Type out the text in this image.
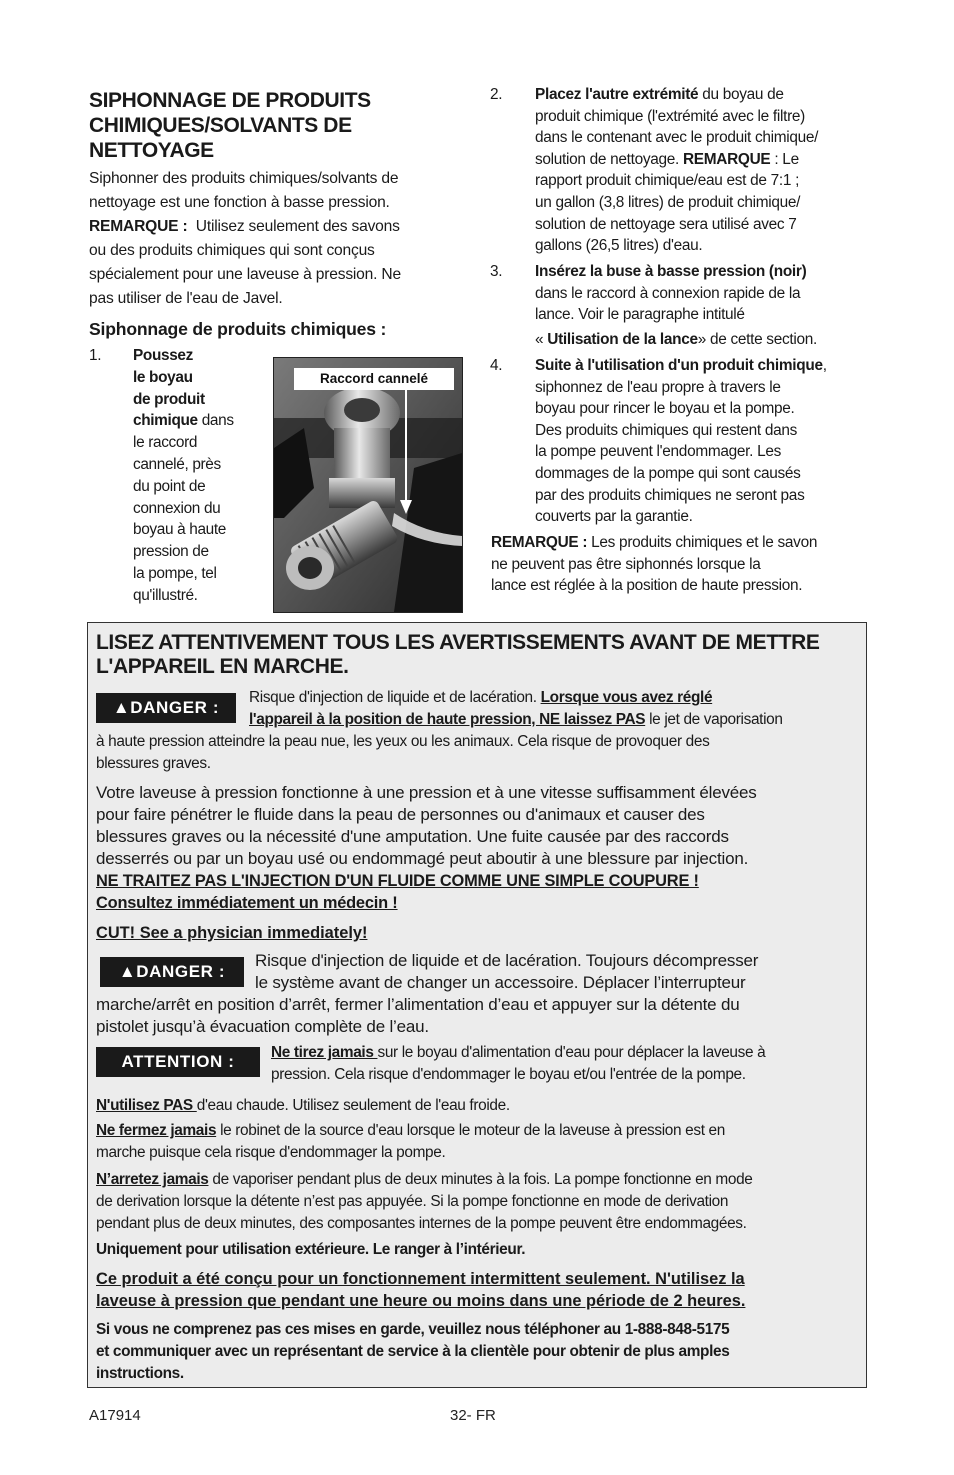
SIPHONNAGE DE PRODUITS
CHIMIQUES/SOLVANTS DE
NETTOYAGE
Siphonner des produits chimiques/solvants de
nettoyage est une fonction à basse pression.
REMARQUE : Utilisez seulement des savons
ou des produits chimiques qui sont conçus
spécialement pour une laveuse à pression. Ne
pas utiliser de l'eau de Javel.
Siphonnage de produits chimiques :
1. Poussez
le boyau
de produit
chimique dans
le raccord
cannelé, près
du point de
connexion du
boyau à haute
pression de
la pompe, tel
qu'illustré.
Raccord cannelé
2. Placez l'autre extrémité du boyau de
produit chimique (l'extrémité avec le filtre)
dans le contenant avec le produit chimique/
solution de nettoyage. REMARQUE : Le
rapport produit chimique/eau est de 7:1 ;
un gallon (3,8 litres) de produit chimique/
solution de nettoyage sera utilisé avec 7
gallons (26,5 litres) d'eau.
3. Insérez la buse à basse pression (noir)
dans le raccord à connexion rapide de la
lance. Voir le paragraphe intitulé
« Utilisation de la lance» de cette section.
4. Suite à l'utilisation d'un produit chimique,
siphonnez de l'eau propre à travers le
boyau pour rincer le boyau et la pompe.
Des produits chimiques qui restent dans
la pompe peuvent l'endommager. Les
dommages de la pompe qui sont causés
par des produits chimiques ne seront pas
couverts par la garantie.
REMARQUE : Les produits chimiques et le savon
ne peuvent pas être siphonnés lorsque la
lance est réglée à la position de haute pression.
LISEZ ATTENTIVEMENT TOUS LES AVERTISSEMENTS AVANT DE METTRE
L'APPAREIL EN MARCHE.
▲DANGER :
Risque d'injection de liquide et de lacération. Lorsque vous avez réglé
l'appareil à la position de haute pression, NE laissez PAS le jet de vaporisation
à haute pression atteindre la peau nue, les yeux ou les animaux. Cela risque de provoquer des
blessures graves.
Votre laveuse à pression fonctionne à une pression et à une vitesse suffisamment élevées
pour faire pénétrer le fluide dans la peau de personnes ou d'animaux et causer des
blessures graves ou la nécessité d'une amputation. Une fuite causée par des raccords
desserrés ou par un boyau usé ou endommagé peut aboutir à une blessure par injection.
NE TRAITEZ PAS L'INJECTION D'UN FLUIDE COMME UNE SIMPLE COUPURE !
Consultez immédiatement un médecin !
CUT! See a physician immediately!
▲DANGER :
Risque d'injection de liquide et de lacération. Toujours décompresser
le système avant de changer un accessoire. Déplacer l’interrupteur
marche/arrêt en position d’arrêt, fermer l’alimentation d’eau et appuyer sur la détente du
pistolet jusqu’à évacuation complète de l’eau.
ATTENTION :	Ne tirez jamais sur le boyau d'alimentation d'eau pour déplacer la laveuse à
pression. Cela risque d'endommager le boyau et/ou l'entrée de la pompe.
N'utilisez PAS d'eau chaude. Utilisez seulement de l'eau froide.
Ne fermez jamais le robinet de la source d'eau lorsque le moteur de la laveuse à pression est en
marche puisque cela risque d'endommager la pompe.
N’arretez jamais de vaporiser pendant plus de deux minutes à la fois. La pompe fonctionne en mode
de derivation lorsque la détente n’est pas appuyée. Si la pompe fonctionne en mode de derivation
pendant plus de deux minutes, des composantes internes de la pompe peuvent être endommagées.
Uniquement pour utilisation extérieure. Le ranger à l’intérieur.
Ce produit a été conçu pour un fonctionnement intermittent seulement. N'utilisez la
laveuse à pression que pendant une heure ou moins dans une période de 2 heures.
Si vous ne comprenez pas ces mises en garde, veuillez nous téléphoner au 1-888-848-5175
et communiquer avec un représentant de service à la clientèle pour obtenir de plus amples
instructions.
A17914	32- FR
